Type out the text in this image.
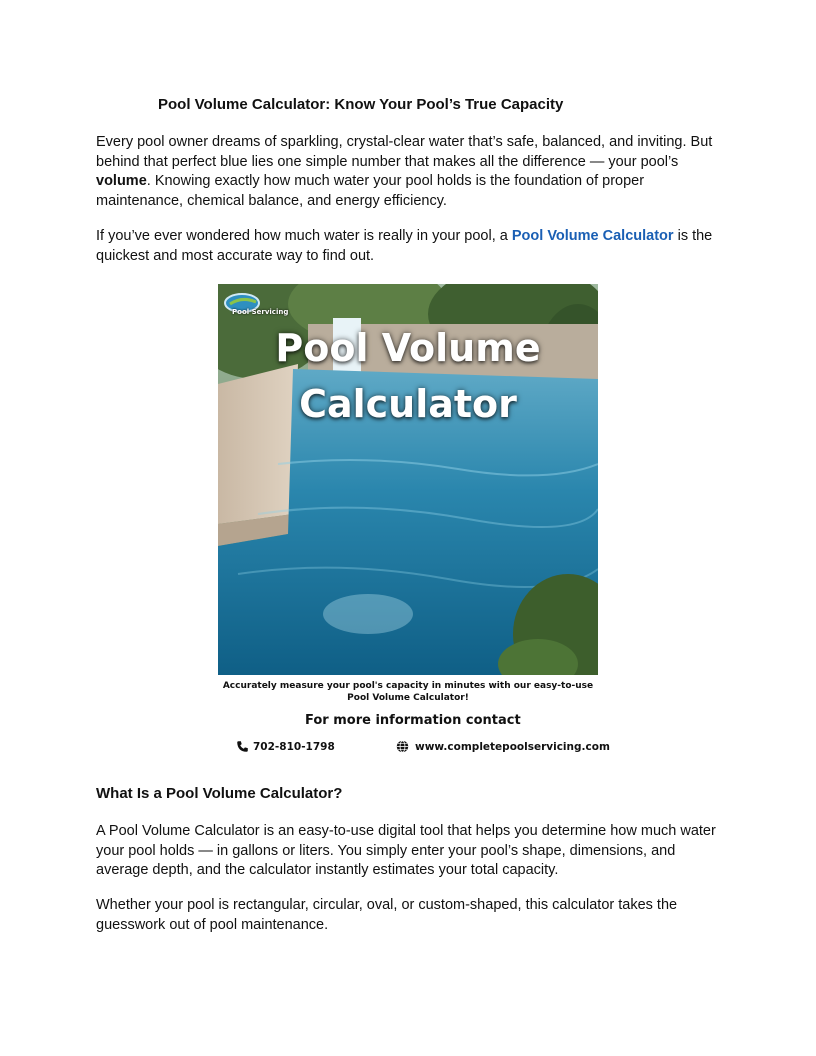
Pool Volume Calculator: Know Your Pool’s True Capacity

Every pool owner dreams of sparkling, crystal-clear water that’s safe, balanced, and inviting. But behind that perfect blue lies one simple number that makes all the difference — your pool’s volume. Knowing exactly how much water your pool holds is the foundation of proper maintenance, chemical balance, and energy efficiency.

If you’ve ever wondered how much water is really in your pool, a Pool Volume Calculator is the quickest and most accurate way to find out.

Pool Servicing
Pool Volume
Calculator
Accurately measure your pool's capacity in minutes with our easy-to-use Pool Volume Calculator!
For more information contact
702-810-1798	www.completepoolservicing.com
What Is a Pool Volume Calculator?

A Pool Volume Calculator is an easy-to-use digital tool that helps you determine how much water your pool holds — in gallons or liters. You simply enter your pool’s shape, dimensions, and average depth, and the calculator instantly estimates your total capacity.

Whether your pool is rectangular, circular, oval, or custom-shaped, this calculator takes the guesswork out of pool maintenance.
